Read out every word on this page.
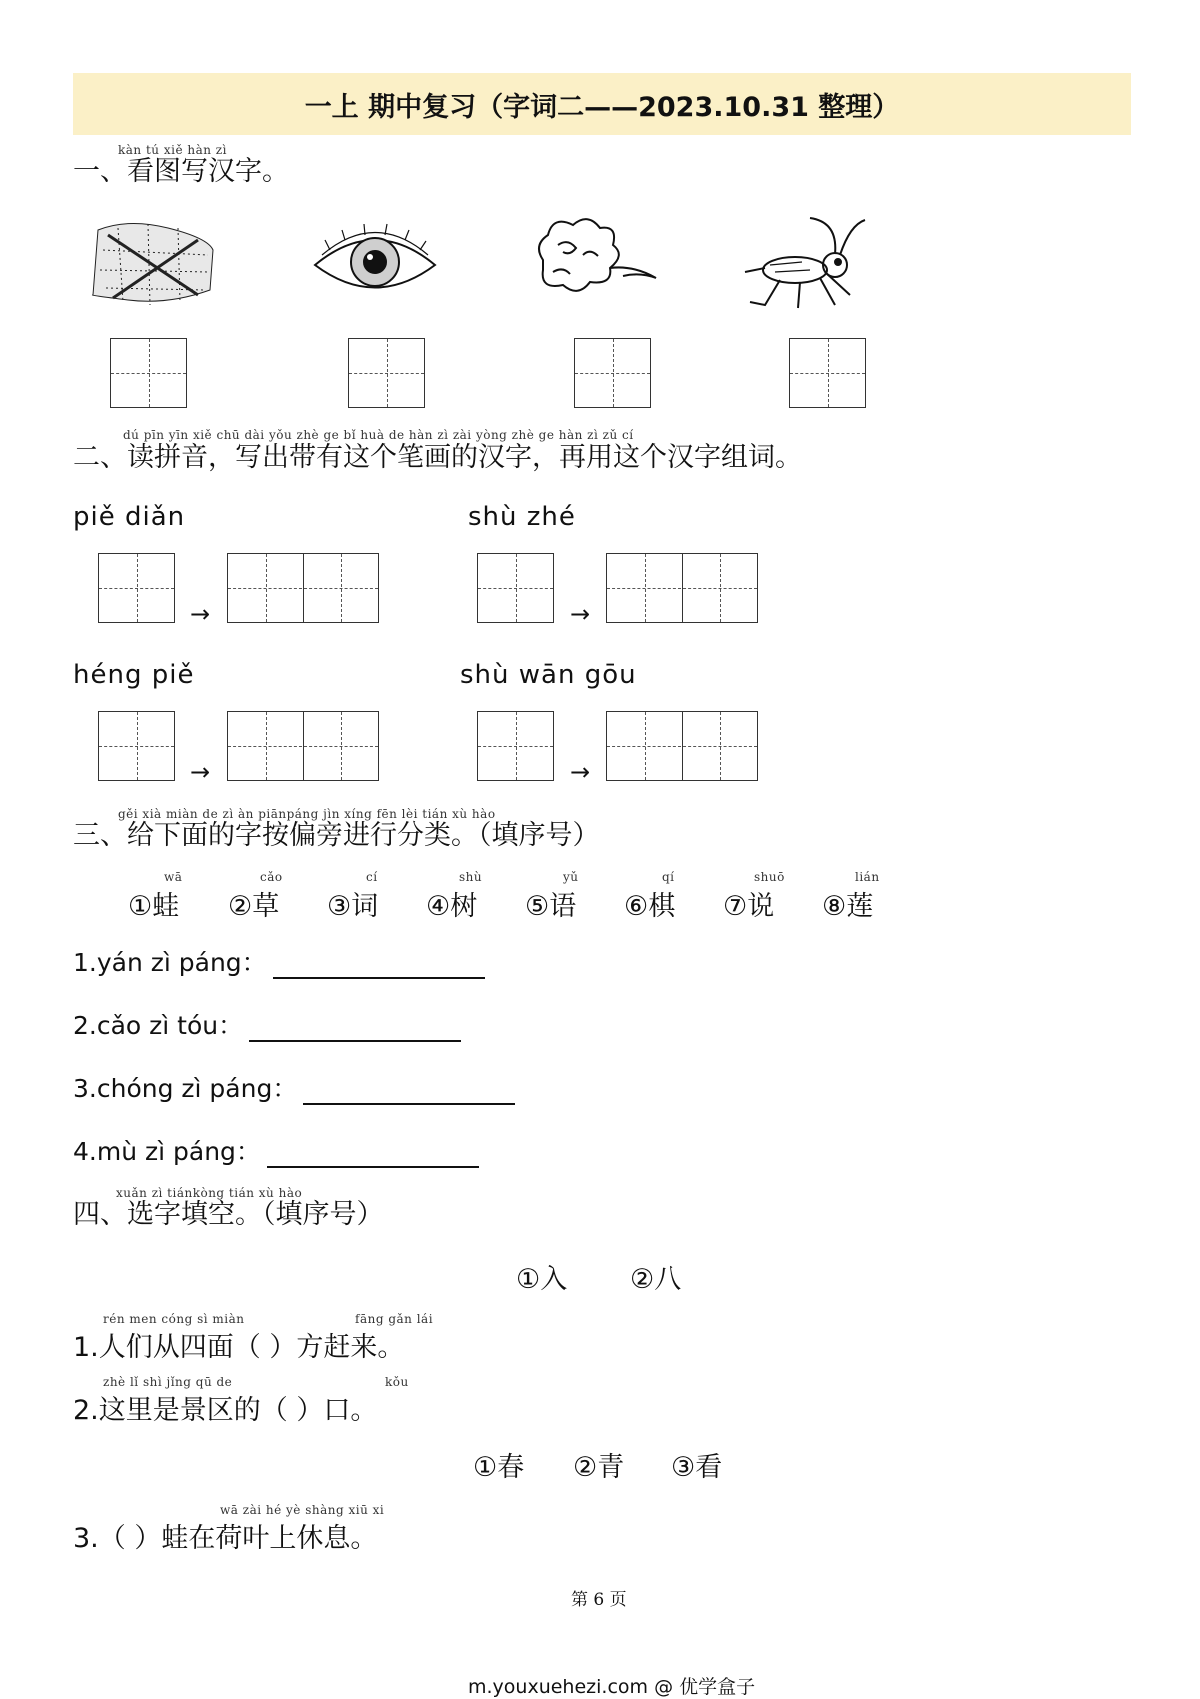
一上 期中复习（字词二——2023.10.31 整理）
kàn tú xiě hàn zì
一、看图写汉字。
dú pīn yīn xiě chū dài yǒu zhè ge bǐ huà de hàn zì zài yòng zhè ge hàn zì zǔ cí
二、读拼音，写出带有这个笔画的汉字，再用这个汉字组词。
piě diǎn	shù zhé
→	→
héng piě	shù wān gōu
→	→
gěi xià miàn de zì àn piānpáng jìn xíng fēn lèi tián xù hào
三、给下面的字按偏旁进行分类。（填序号）
wā
①蛙
cǎo
②草
cí
③词
shù
④树
yǔ
⑤语
qí
⑥棋
shuō
⑦说
lián
⑧莲
1.yán zì páng：
2.cǎo zì tóu：
3.chóng zì páng：
4.mù zì páng：
xuǎn zì tiánkòng tián xù hào
四、选字填空。（填序号）
①入 ②八
rén men cóng sì miàn	fāng gǎn lái
1.人们从四面（ ）方赶来。
zhè lǐ shì jǐng qū de	kǒu
2.这里是景区的（ ）口。
①春 ②青 ③看
wā zài hé yè shàng xiū xi
3.（ ）蛙在荷叶上休息。
第 6 页
m.youxuehezi.com @ 优学盒子
